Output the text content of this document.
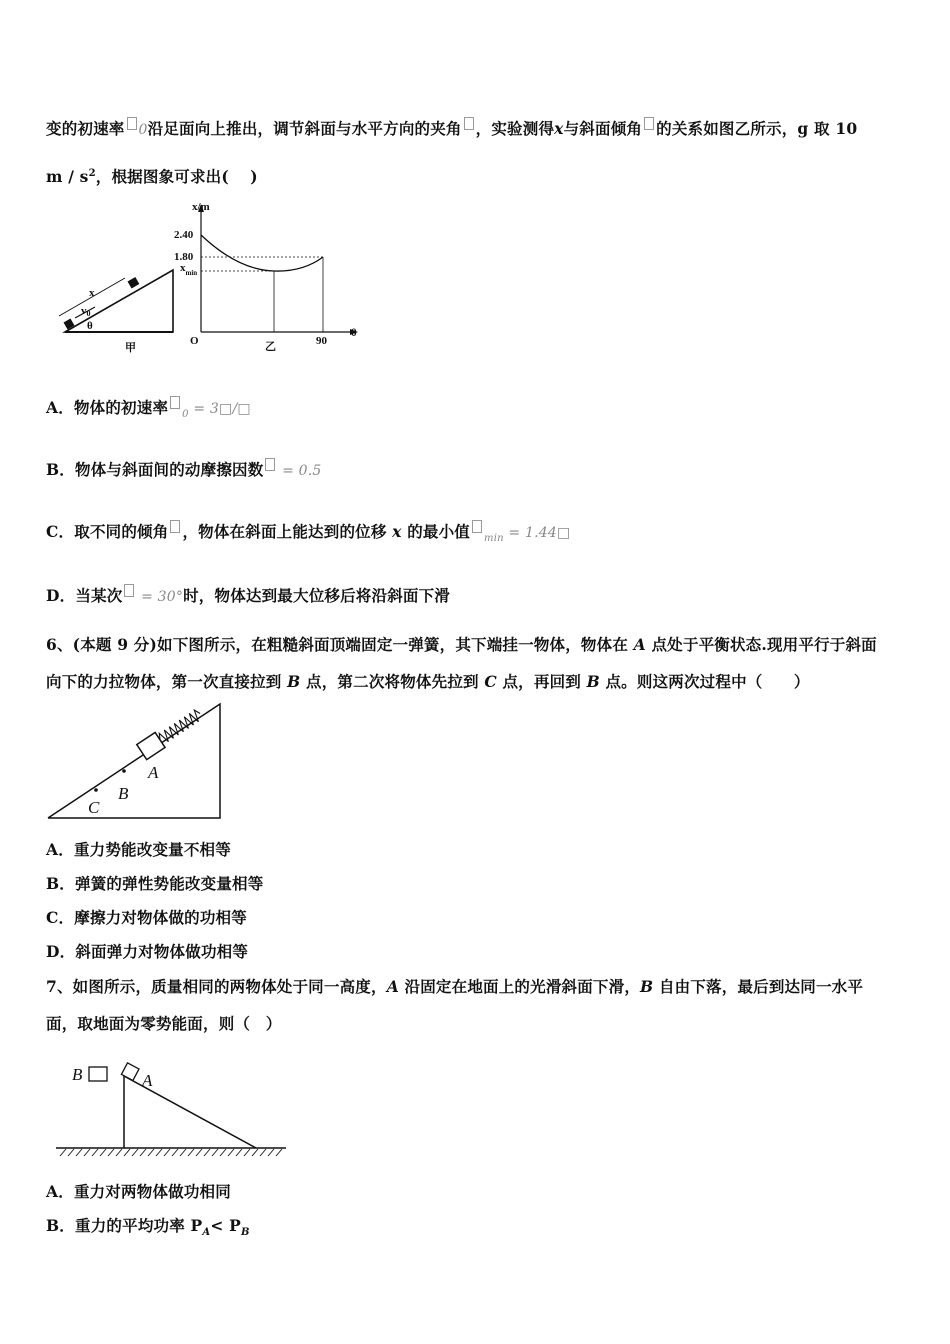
变的初速率 0沿足面向上推出，调节斜面与水平方向的夹角 ，实验测得x与斜面倾角 的关系如图乙所示，g 取 10
m / $s^2$，根据图象可求出(　 )
x
v0
θ
甲
x/m
2.40
1.80
$x_{min}$
O	90
θ
乙
A．物体的初速率 $_0$ = 3□/□
B．物体与斜面间的动摩擦因数 = 0.5
C．取不同的倾角 ，物体在斜面上能达到的位移 x 的最小值 $_{min}$ = 1.44□
D．当某次 = 30°时，物体达到最大位移后将沿斜面下滑
6、(本题 9 分)如下图所示，在粗糙斜面顶端固定一弹簧，其下端挂一物体，物体在 A 点处于平衡状态.现用平行于斜面
向下的力拉物体，第一次直接拉到 B 点，第二次将物体先拉到 C 点，再回到 B 点。则这两次过程中（　　）
A
B
C
A．重力势能改变量不相等
B．弹簧的弹性势能改变量相等
C．摩擦力对物体做的功相等
D．斜面弹力对物体做功相等
7、如图所示，质量相同的两物体处于同一高度，A 沿固定在地面上的光滑斜面下滑，B 自由下落，最后到达同一水平
面，取地面为零势能面，则（　）
B	A
A．重力对两物体做功相同
B．重力的平均功率 $P_A< P_B$
